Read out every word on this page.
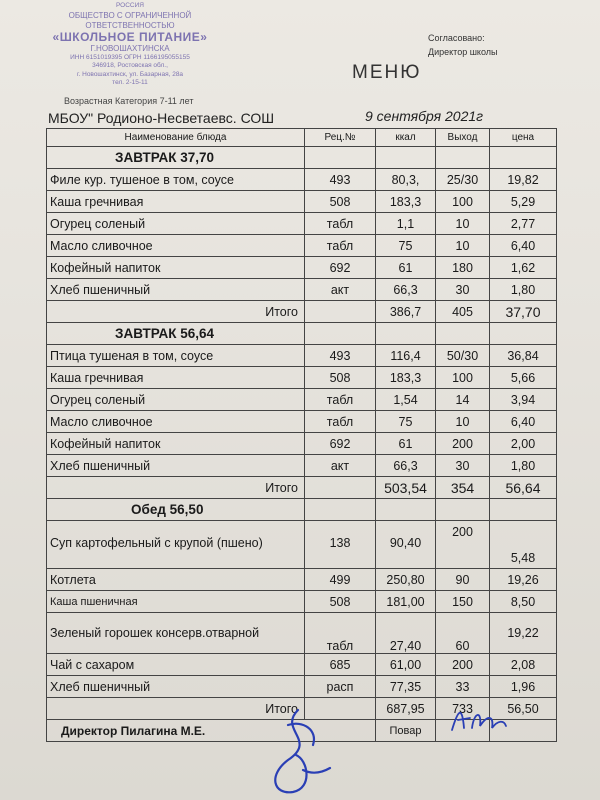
РОССИЯ
ОБЩЕСТВО С ОГРАНИЧЕННОЙ
ОТВЕТСТВЕННОСТЬЮ
«ШКОЛЬНОЕ ПИТАНИЕ»
Г.НОВОШАХТИНСКА
ИНН 6151019395 ОГРН 1166195055155
346918, Ростовская обл.,
г. Новошахтинск, ул. Базарная, 28а
тел. 2-15-11
Согласовано:
Директор школы
МЕНЮ
Возрастная Категория 7-11 лет
МБОУ" Родионо-Несветаевс. СОШ	9 сентября 2021г
Наименование блюда	Рец.№	ккал	Выход	цена
ЗАВТРАК 37,70				
Филе кур. тушеное в том, соусе	493	80,3,	25/30	19,82
Каша гречнивая	508	183,3	100	5,29
Огурец соленый	табл	1,1	10	2,77
Масло сливочное	табл	75	10	6,40
Кофейный напиток	692	61	180	1,62
Хлеб пшеничный	акт	66,3	30	1,80
Итого		386,7	405	37,70
ЗАВТРАК 56,64				
Птица тушеная в том, соусе	493	116,4	50/30	36,84
Каша гречнивая	508	183,3	100	5,66
Огурец соленый	табл	1,54	14	3,94
Масло сливочное	табл	75	10	6,40
Кофейный напиток	692	61	200	2,00
Хлеб пшеничный	акт	66,3	30	1,80
Итого		503,54	354	56,64
Обед 56,50				
Суп картофельный с крупой (пшено)	138	90,40	200	5,48
Котлета	499	250,80	90	19,26
Каша пшеничная	508	181,00	150	8,50
Зеленый горошек консерв.отварной	табл	27,40	60	19,22
Чай с сахаром	685	61,00	200	2,08
Хлеб пшеничный	расп	77,35	33	1,96
Итого		687,95	733	56,50
Директор Пилагина М.Е.		Повар		
